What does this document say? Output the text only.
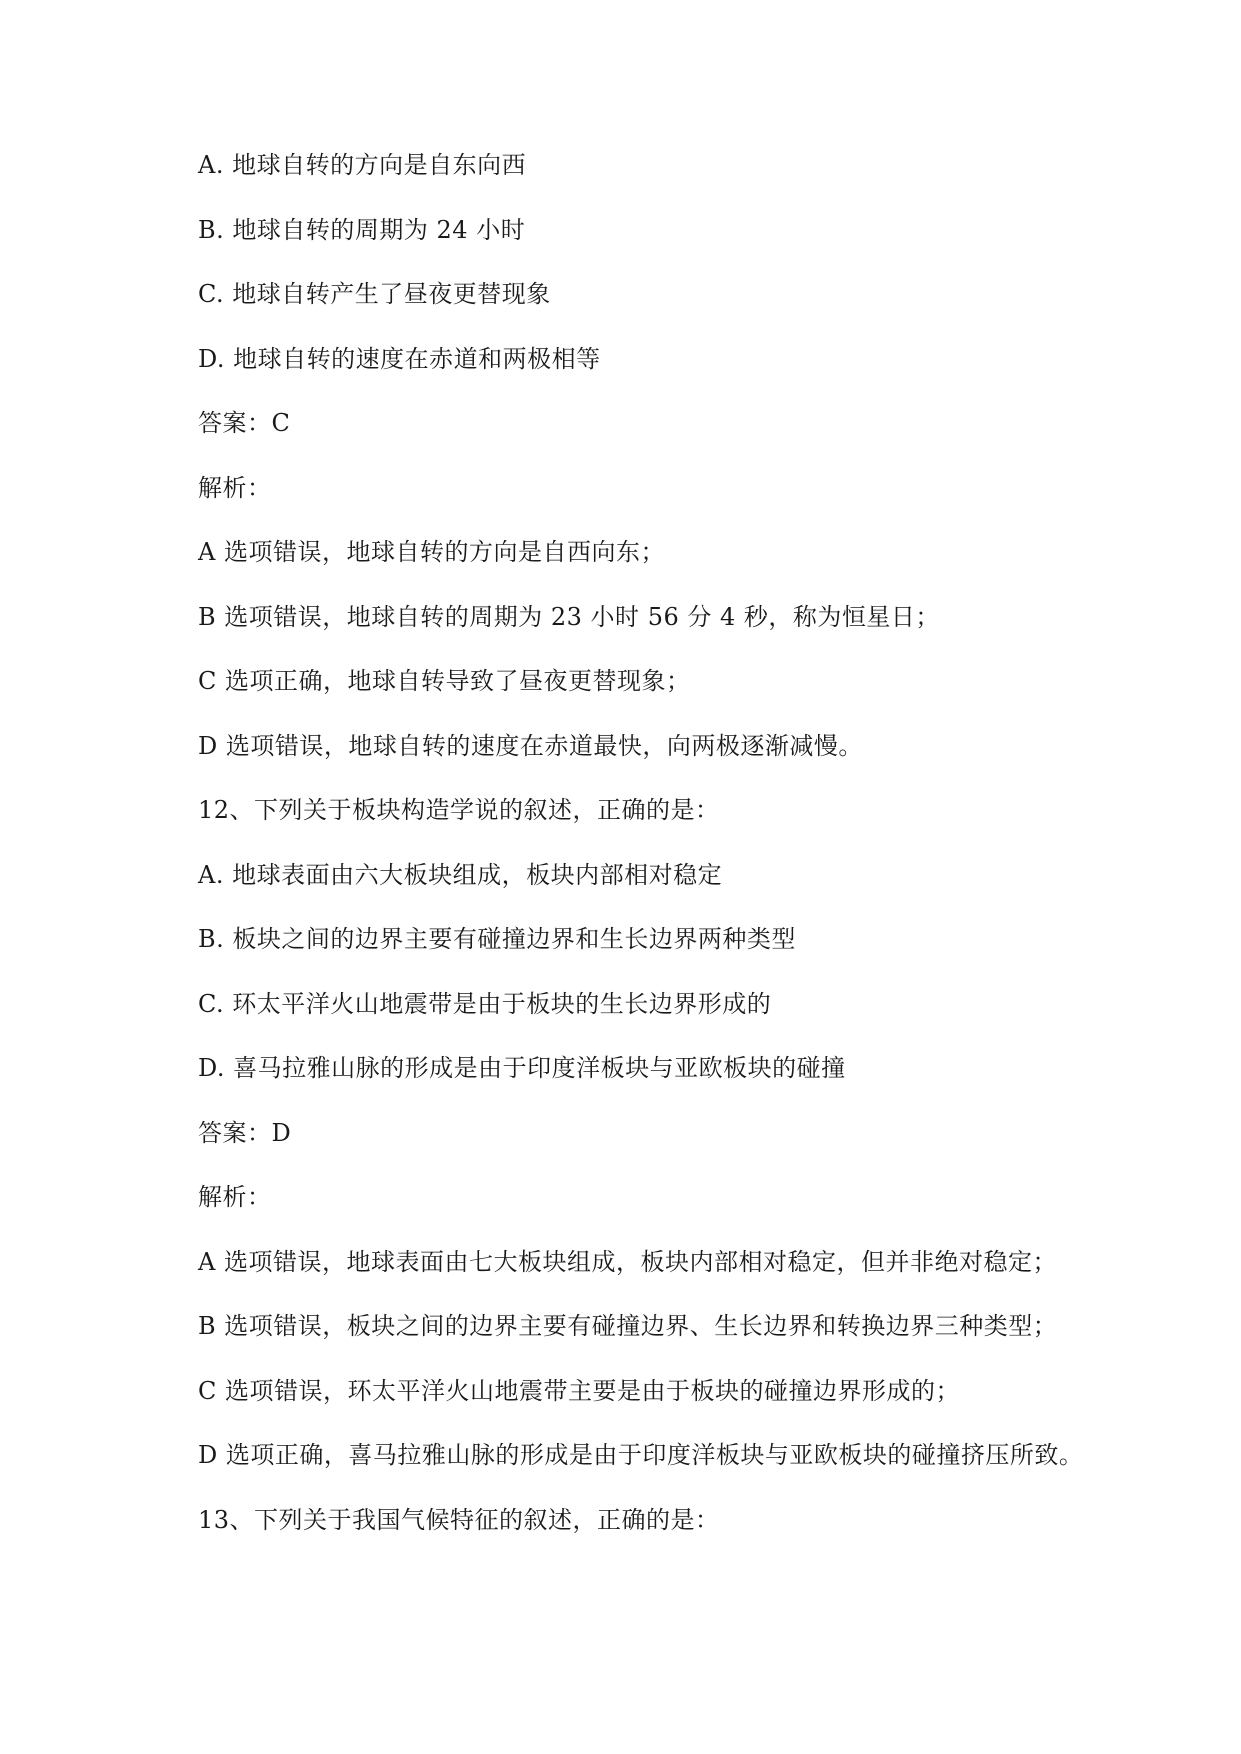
A. 地球自转的方向是自东向西

B. 地球自转的周期为 24 小时

C. 地球自转产生了昼夜更替现象

D. 地球自转的速度在赤道和两极相等

答案：C

解析：

A 选项错误，地球自转的方向是自西向东；

B 选项错误，地球自转的周期为 23 小时 56 分 4 秒，称为恒星日；

C 选项正确，地球自转导致了昼夜更替现象；

D 选项错误，地球自转的速度在赤道最快，向两极逐渐减慢。

12、下列关于板块构造学说的叙述，正确的是：

A. 地球表面由六大板块组成，板块内部相对稳定

B. 板块之间的边界主要有碰撞边界和生长边界两种类型

C. 环太平洋火山地震带是由于板块的生长边界形成的

D. 喜马拉雅山脉的形成是由于印度洋板块与亚欧板块的碰撞

答案：D

解析：

A 选项错误，地球表面由七大板块组成，板块内部相对稳定，但并非绝对稳定；

B 选项错误，板块之间的边界主要有碰撞边界、生长边界和转换边界三种类型；

C 选项错误，环太平洋火山地震带主要是由于板块的碰撞边界形成的；

D 选项正确，喜马拉雅山脉的形成是由于印度洋板块与亚欧板块的碰撞挤压所致。

13、下列关于我国气候特征的叙述，正确的是：
